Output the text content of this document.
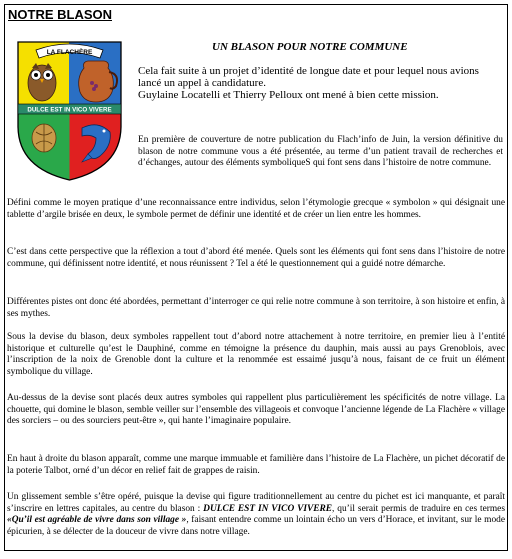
NOTRE BLASON
LA FLACHÈRE
DULCE EST IN VICO VIVERE
UN BLASON POUR NOTRE COMMUNE

Cela fait suite à un projet d’identité de longue date et pour lequel nous avions lancé un appel à candidature.
Guylaine Locatelli et Thierry Pelloux ont mené à bien cette mission.

En première de couverture de notre publication du Flach’info de Juin, la version définitive du blason de notre commune vous a été présentée, au terme d’un patient travail de recherches et d’échanges, autour des éléments symboliqueS qui font sens dans l’histoire de notre commune.

Défini comme le moyen pratique d’une reconnaissance entre individus, selon l’étymologie grecque « symbolon » qui désignait une tablette d’argile brisée en deux, le symbole permet de définir une identité et de créer un lien entre les hommes.

C’est dans cette perspective que la réflexion a tout d’abord été menée. Quels sont les éléments qui font sens dans l’histoire de notre commune, qui définissent notre identité, et nous réunissent ? Tel a été le questionnement qui a guidé notre démarche.

Différentes pistes ont donc été abordées, permettant d’interroger ce qui relie notre commune à son territoire, à son histoire et enfin, à ses mythes.

Sous la devise du blason, deux symboles rappellent tout d’abord notre attachement à notre territoire, en premier lieu à l’entité historique et culturelle qu’est le Dauphiné, comme en témoigne la présence du dauphin, mais aussi au pays Grenoblois, avec l’inscription de la noix de Grenoble dont la culture et la renommée est essaimé jusqu’à nous, faisant de ce fruit un élément symbolique du village.

Au-dessus de la devise sont placés deux autres symboles qui rappellent plus particulièrement les spécificités de notre village. La chouette, qui domine le blason, semble veiller sur l’ensemble des villageois et convoque l’ancienne légende de La Flachère « village des sorciers – ou des sourciers peut-être », qui hante l’imaginaire populaire.

En haut à droite du blason apparaît, comme une marque immuable et familière dans l’histoire de La Flachère, un pichet décoratif de la poterie Talbot, orné d’un décor en relief fait de grappes de raisin.

Un glissement semble s’être opéré, puisque la devise qui figure traditionnellement au centre du pichet est ici manquante, et paraît s’inscrire en lettres capitales, au centre du blason : DULCE EST IN VICO VIVERE, qu’il serait permis de traduire en ces termes «Qu’il est agréable de vivre dans son village », faisant entendre comme un lointain écho un vers d’Horace, et invitant, sur le mode épicurien, à se délecter de la douceur de vivre dans notre village.
